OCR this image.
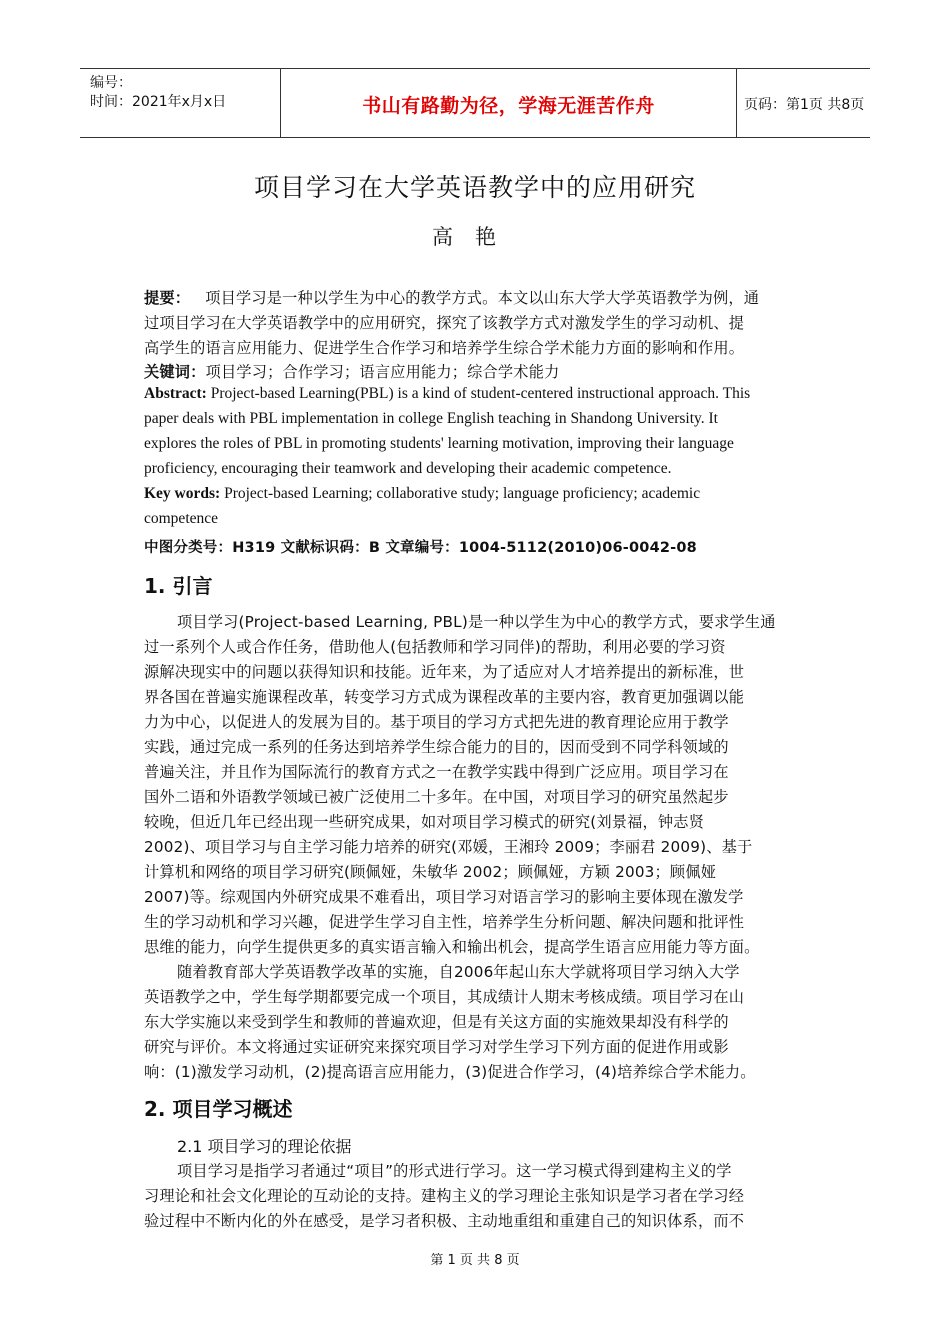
编号：
时间：2021年x月x日	书山有路勤为径，学海无涯苦作舟	页码：第1页 共8页
项目学习在大学英语教学中的应用研究
高艳
提要： 项目学习是一种以学生为中心的教学方式。本文以山东大学大学英语教学为例，通
过项目学习在大学英语教学中的应用研究，探究了该教学方式对激发学生的学习动机、提
高学生的语言应用能力、促进学生合作学习和培养学生综合学术能力方面的影响和作用。
关键词：项目学习；合作学习；语言应用能力；综合学术能力
Abstract: Project-based Learning(PBL) is a kind of student-centered instructional approach. This
paper deals with PBL implementation in college English teaching in Shandong University. It
explores the roles of PBL in promoting students' learning motivation, improving their language
proficiency, encouraging their teamwork and developing their academic competence.
Key words: Project-based Learning; collaborative study; language proficiency; academic
competence
中图分类号：H319 文献标识码：B 文章编号：1004-5112(2010)06-0042-08
1. 引言
项目学习(Project-based Learning, PBL)是一种以学生为中心的教学方式，要求学生通
过一系列个人或合作任务，借助他人(包括教师和学习同伴)的帮助，利用必要的学习资
源解决现实中的问题以获得知识和技能。近年来，为了适应对人才培养提出的新标准，世
界各国在普遍实施课程改革，转变学习方式成为课程改革的主要内容，教育更加强调以能
力为中心，以促进人的发展为目的。基于项目的学习方式把先进的教育理论应用于教学
实践，通过完成一系列的任务达到培养学生综合能力的目的，因而受到不同学科领域的
普遍关注，并且作为国际流行的教育方式之一在教学实践中得到广泛应用。项目学习在
国外二语和外语教学领域已被广泛使用二十多年。在中国，对项目学习的研究虽然起步
较晚，但近几年已经出现一些研究成果，如对项目学习模式的研究(刘景福，钟志贤
2002)、项目学习与自主学习能力培养的研究(邓媛，王湘玲 2009；李丽君 2009)、基于
计算机和网络的项目学习研究(顾佩娅，朱敏华 2002；顾佩娅，方颖 2003；顾佩娅
2007)等。综观国内外研究成果不难看出，项目学习对语言学习的影响主要体现在激发学
生的学习动机和学习兴趣，促进学生学习自主性，培养学生分析问题、解决问题和批评性
思维的能力，向学生提供更多的真实语言输入和输出机会，提高学生语言应用能力等方面。
随着教育部大学英语教学改革的实施，自2006年起山东大学就将项目学习纳入大学
英语教学之中，学生每学期都要完成一个项目，其成绩计人期末考核成绩。项目学习在山
东大学实施以来受到学生和教师的普遍欢迎，但是有关这方面的实施效果却没有科学的
研究与评价。本文将通过实证研究来探究项目学习对学生学习下列方面的促进作用或影
响：(1)激发学习动机，(2)提高语言应用能力，(3)促进合作学习，(4)培养综合学术能力。
2. 项目学习概述
2.1 项目学习的理论依据
项目学习是指学习者通过“项目”的形式进行学习。这一学习模式得到建构主义的学
习理论和社会文化理论的互动论的支持。建构主义的学习理论主张知识是学习者在学习经
验过程中不断内化的外在感受，是学习者积极、主动地重组和重建自己的知识体系，而不
第 1 页 共 8 页
